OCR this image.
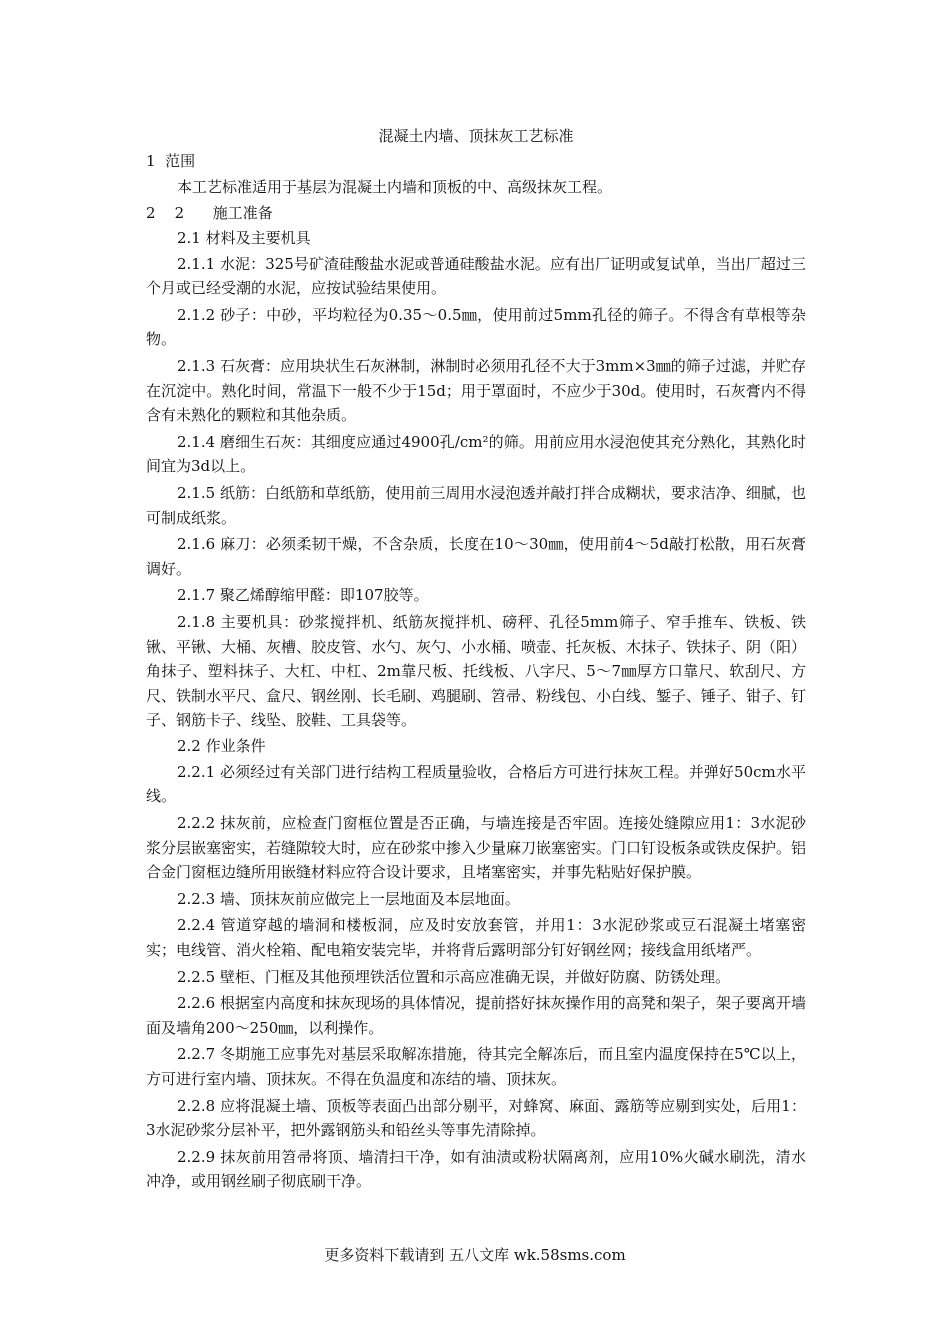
混凝土内墙、顶抹灰工艺标准
1  范围
本工艺标准适用于基层为混凝土内墙和顶板的中、高级抹灰工程。
2    2      施工准备
2.1 材料及主要机具
2.1.1 水泥：325号矿渣硅酸盐水泥或普通硅酸盐水泥。应有出厂证明或复试单，当出厂超过三个月或已经受潮的水泥，应按试验结果使用。
2.1.2 砂子：中砂，平均粒径为0.35～0.5㎜，使用前过5mm孔径的筛子。不得含有草根等杂物。
2.1.3 石灰膏：应用块状生石灰淋制，淋制时必须用孔径不大于3mm×3㎜的筛子过滤，并贮存在沉淀中。熟化时间，常温下一般不少于15d；用于罩面时，不应少于30d。使用时，石灰膏内不得含有未熟化的颗粒和其他杂质。
2.1.4 磨细生石灰：其细度应通过4900孔/cm²的筛。用前应用水浸泡使其充分熟化，其熟化时间宜为3d以上。
2.1.5 纸筋：白纸筋和草纸筋，使用前三周用水浸泡透并敲打拌合成糊状，要求洁净、细腻，也可制成纸浆。
2.1.6 麻刀：必须柔韧干燥，不含杂质，长度在10～30㎜，使用前4～5d敲打松散，用石灰膏调好。
2.1.7 聚乙烯醇缩甲醛：即107胶等。
2.1.8 主要机具：砂浆搅拌机、纸筋灰搅拌机、磅秤、孔径5mm筛子、窄手推车、铁板、铁锹、平锹、大桶、灰槽、胶皮管、水勺、灰勺、小水桶、喷壶、托灰板、木抹子、铁抹子、阴（阳）角抹子、塑料抹子、大杠、中杠、2m靠尺板、托线板、八字尺、5～7㎜厚方口靠尺、软刮尺、方尺、铁制水平尺、盒尺、钢丝刚、长毛刷、鸡腿刷、笤帚、粉线包、小白线、錾子、锤子、钳子、钉子、钢筋卡子、线坠、胶鞋、工具袋等。
2.2 作业条件
2.2.1 必须经过有关部门进行结构工程质量验收，合格后方可进行抹灰工程。并弹好50cm水平线。
2.2.2 抹灰前，应检查门窗框位置是否正确，与墙连接是否牢固。连接处缝隙应用1：3水泥砂浆分层嵌塞密实，若缝隙较大时，应在砂浆中掺入少量麻刀嵌塞密实。门口钉设板条或铁皮保护。铝合金门窗框边缝所用嵌缝材料应符合设计要求，且堵塞密实，并事先粘贴好保护膜。
2.2.3 墙、顶抹灰前应做完上一层地面及本层地面。
2.2.4 管道穿越的墙洞和楼板洞，应及时安放套管，并用1：3水泥砂浆或豆石混凝土堵塞密实；电线管、消火栓箱、配电箱安装完毕，并将背后露明部分钉好钢丝网；接线盒用纸堵严。
2.2.5 壁柜、门框及其他预埋铁活位置和示高应准确无误，并做好防腐、防锈处理。
2.2.6 根据室内高度和抹灰现场的具体情况，提前搭好抹灰操作用的高凳和架子，架子要离开墙面及墙角200～250㎜，以利操作。
2.2.7 冬期施工应事先对基层采取解冻措施，待其完全解冻后，而且室内温度保持在5℃以上，方可进行室内墙、顶抹灰。不得在负温度和冻结的墙、顶抹灰。
2.2.8 应将混凝土墙、顶板等表面凸出部分剔平，对蜂窝、麻面、露筋等应剔到实处，后用1：3水泥砂浆分层补平，把外露钢筋头和铅丝头等事先清除掉。
2.2.9 抹灰前用笤帚将顶、墙清扫干净，如有油渍或粉状隔离剂，应用10%火碱水刷洗，清水冲净，或用钢丝刷子彻底刷干净。
更多资料下载请到 五八文库 wk.58sms.com
